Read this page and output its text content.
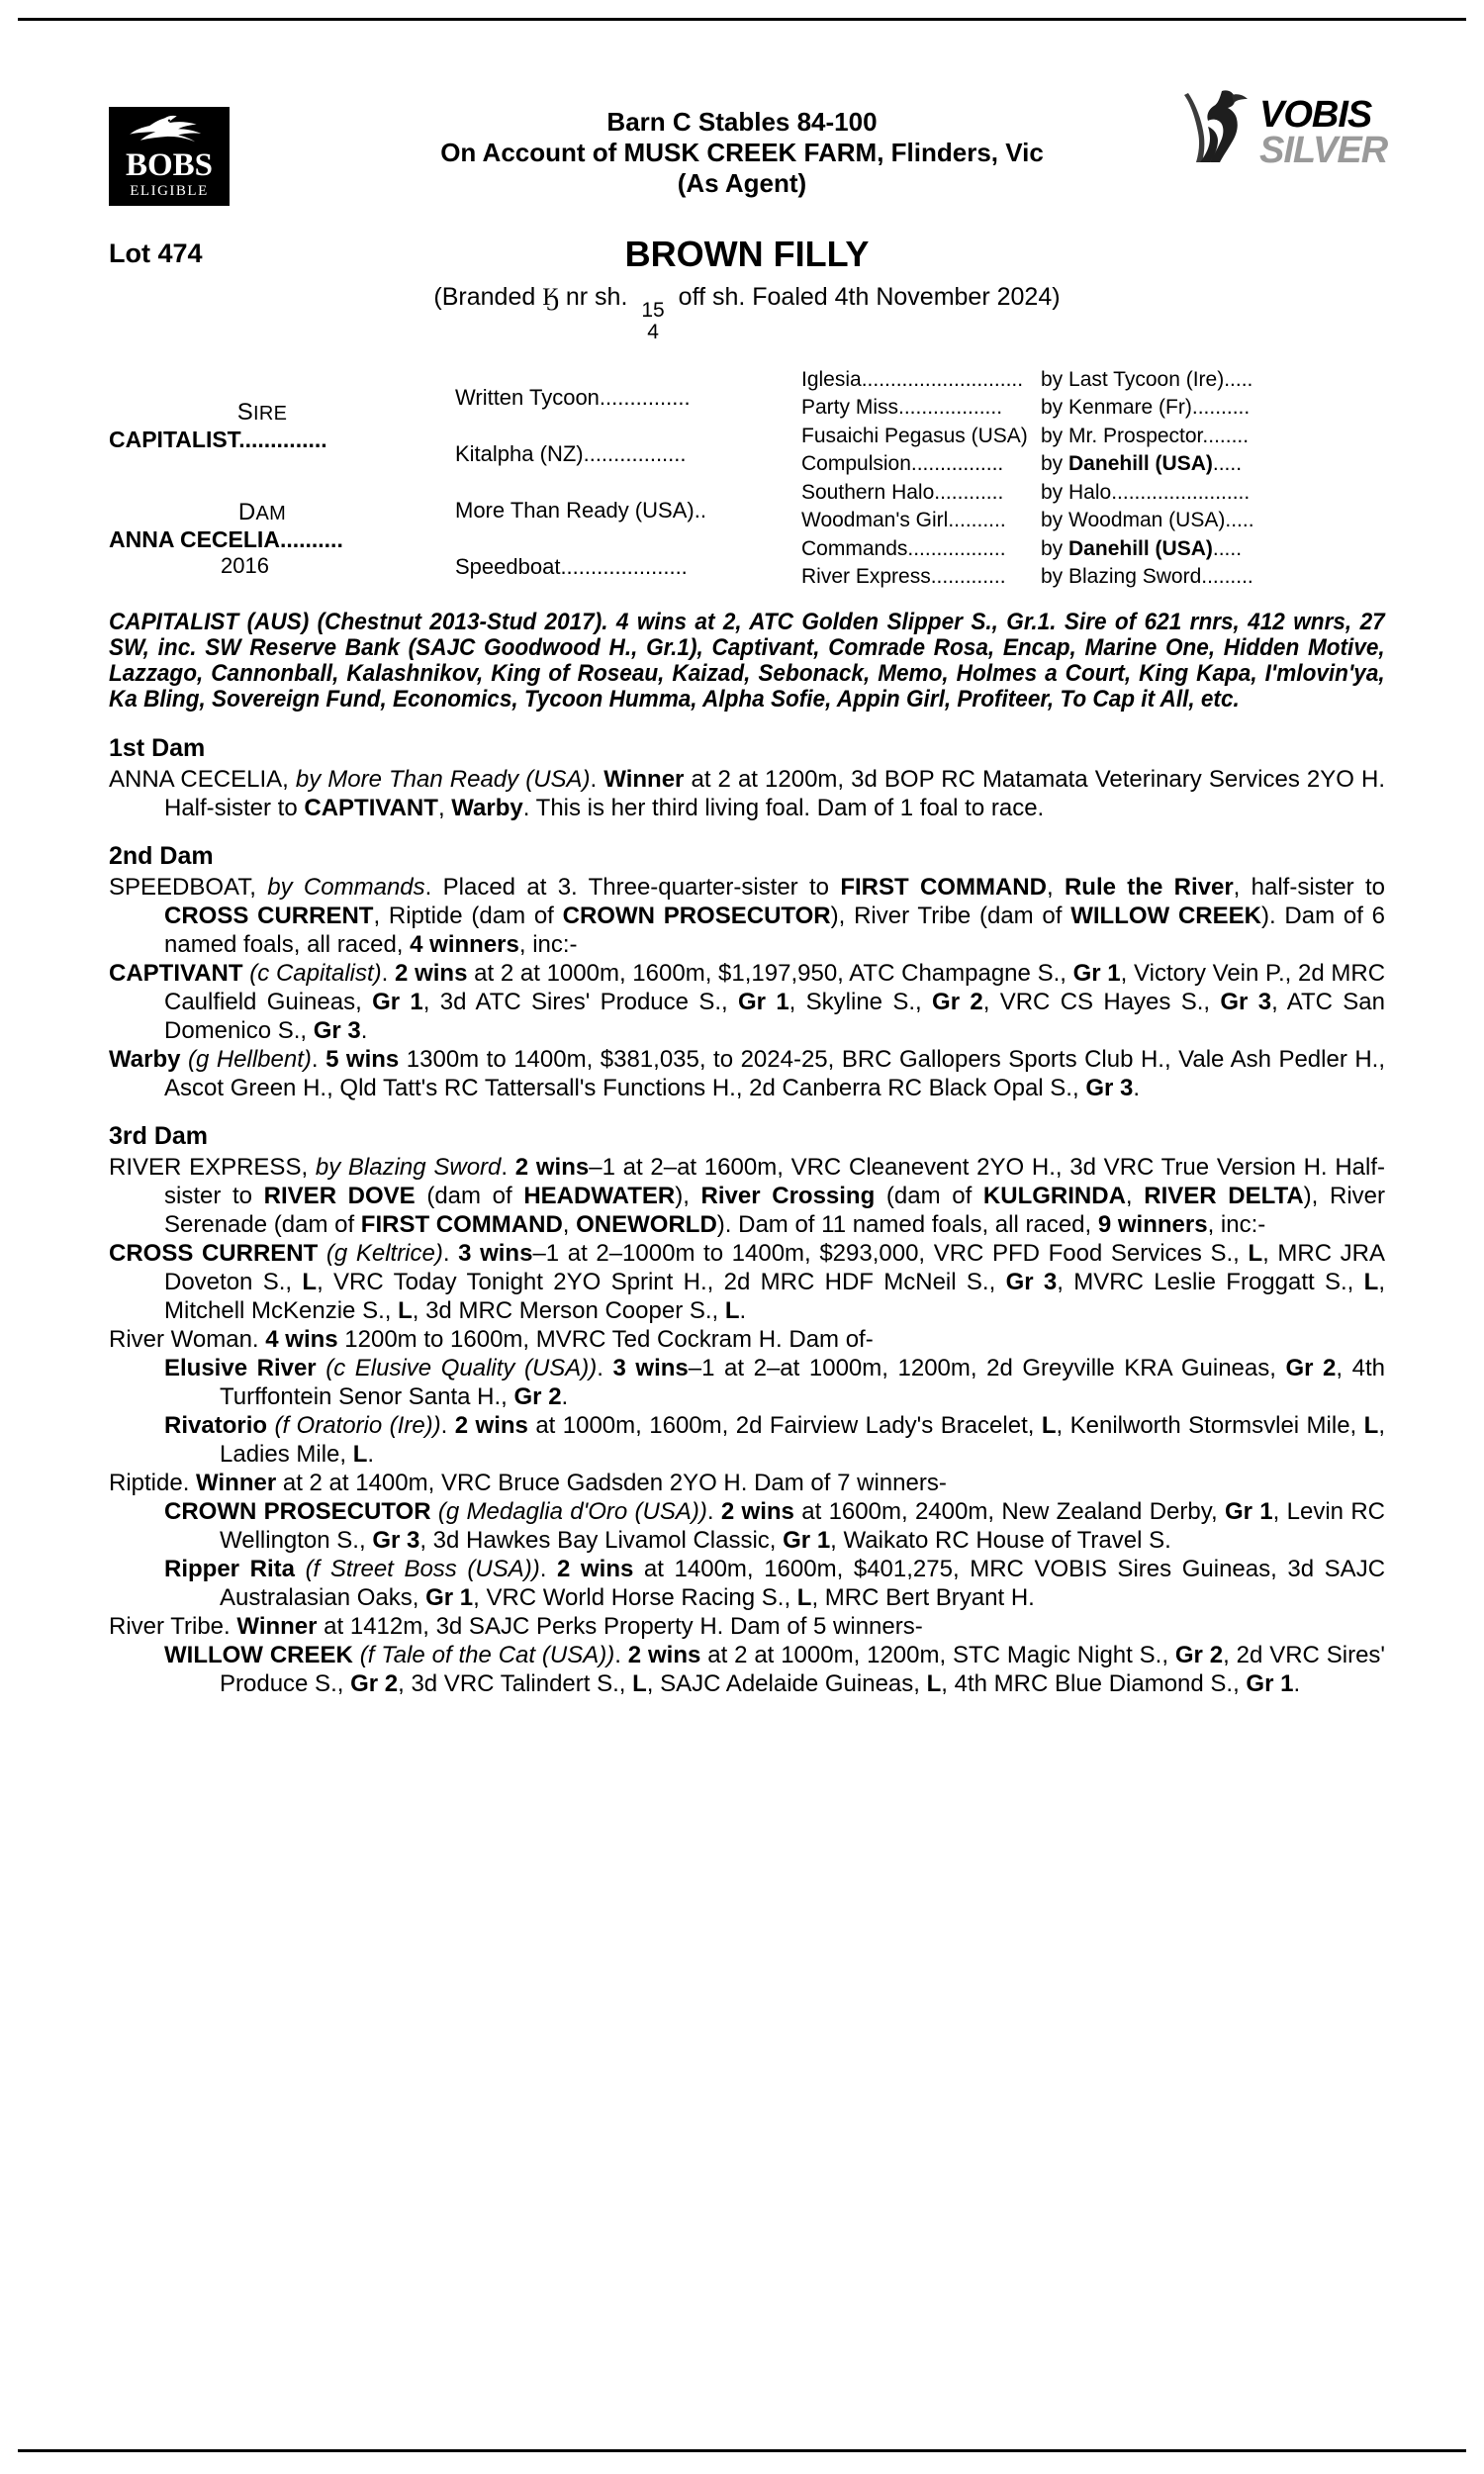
BOBS
ELIGIBLE
Barn C Stables 84-100
On Account of MUSK CREEK FARM, Flinders, Vic
(As Agent)
VOBIS
SILVER
Lot 474	BROWN FILLY
(Branded Ӄ nr sh. 15
4
off sh. Foaled 4th November 2024)
SIRE
CAPITALIST..............
DAM
ANNA CECELIA..........
2016
Written Tycoon ...............
Kitalpha (NZ) .................
More Than Ready (USA) ..
Speedboat .....................
Iglesia............................ by Last Tycoon (Ire).....
Party Miss..................	by Kenmare (Fr)..........
Fusaichi Pegasus (USA) by Mr. Prospector........
Compulsion................	by Danehill (USA).....
Southern Halo............	by Halo........................
Woodman's Girl..........	by Woodman (USA).....
Commands.................	by Danehill (USA).....
River Express.............	by Blazing Sword.........
CAPITALIST (AUS) (Chestnut 2013-Stud 2017). 4 wins at 2, ATC Golden Slipper S., Gr.1. Sire of 621 rnrs, 412 wnrs, 27 SW, inc. SW Reserve Bank (SAJC Goodwood H., Gr.1), Captivant, Comrade Rosa, Encap, Marine One, Hidden Motive, Lazzago, Cannonball, Kalashnikov, King of Roseau, Kaizad, Sebonack, Memo, Holmes a Court, King Kapa, I'mlovin'ya, Ka Bling, Sovereign Fund, Economics, Tycoon Humma, Alpha Sofie, Appin Girl, Profiteer, To Cap it All, etc.
1st Dam

ANNA CECELIA, by More Than Ready (USA). Winner at 2 at 1200m, 3d BOP RC Matamata Veterinary Services 2YO H. Half-sister to CAPTIVANT, Warby. This is her third living foal. Dam of 1 foal to race.

2nd Dam

SPEEDBOAT, by Commands. Placed at 3. Three-quarter-sister to FIRST COMMAND, Rule the River, half-sister to CROSS CURRENT, Riptide (dam of CROWN PROSECUTOR), River Tribe (dam of WILLOW CREEK). Dam of 6 named foals, all raced, 4 winners, inc:-

CAPTIVANT (c Capitalist). 2 wins at 2 at 1000m, 1600m, $1,197,950, ATC Champagne S., Gr 1, Victory Vein P., 2d MRC Caulfield Guineas, Gr 1, 3d ATC Sires' Produce S., Gr 1, Skyline S., Gr 2, VRC CS Hayes S., Gr 3, ATC San Domenico S., Gr 3.

Warby (g Hellbent). 5 wins 1300m to 1400m, $381,035, to 2024-25, BRC Gallopers Sports Club H., Vale Ash Pedler H., Ascot Green H., Qld Tatt's RC Tattersall's Functions H., 2d Canberra RC Black Opal S., Gr 3.

3rd Dam

RIVER EXPRESS, by Blazing Sword. 2 wins–1 at 2–at 1600m, VRC Cleanevent 2YO H., 3d VRC True Version H. Half-sister to RIVER DOVE (dam of HEADWATER), River Crossing (dam of KULGRINDA, RIVER DELTA), River Serenade (dam of FIRST COMMAND, ONEWORLD). Dam of 11 named foals, all raced, 9 winners, inc:-

CROSS CURRENT (g Keltrice). 3 wins–1 at 2–1000m to 1400m, $293,000, VRC PFD Food Services S., L, MRC JRA Doveton S., L, VRC Today Tonight 2YO Sprint H., 2d MRC HDF McNeil S., Gr 3, MVRC Leslie Froggatt S., L, Mitchell McKenzie S., L, 3d MRC Merson Cooper S., L.

River Woman. 4 wins 1200m to 1600m, MVRC Ted Cockram H. Dam of-

Elusive River (c Elusive Quality (USA)). 3 wins–1 at 2–at 1000m, 1200m, 2d Greyville KRA Guineas, Gr 2, 4th Turffontein Senor Santa H., Gr 2.

Rivatorio (f Oratorio (Ire)). 2 wins at 1000m, 1600m, 2d Fairview Lady's Bracelet, L, Kenilworth Stormsvlei Mile, L, Ladies Mile, L.

Riptide. Winner at 2 at 1400m, VRC Bruce Gadsden 2YO H. Dam of 7 winners-

CROWN PROSECUTOR (g Medaglia d'Oro (USA)). 2 wins at 1600m, 2400m, New Zealand Derby, Gr 1, Levin RC Wellington S., Gr 3, 3d Hawkes Bay Livamol Classic, Gr 1, Waikato RC House of Travel S.

Ripper Rita (f Street Boss (USA)). 2 wins at 1400m, 1600m, $401,275, MRC VOBIS Sires Guineas, 3d SAJC Australasian Oaks, Gr 1, VRC World Horse Racing S., L, MRC Bert Bryant H.

River Tribe. Winner at 1412m, 3d SAJC Perks Property H. Dam of 5 winners-

WILLOW CREEK (f Tale of the Cat (USA)). 2 wins at 2 at 1000m, 1200m, STC Magic Night S., Gr 2, 2d VRC Sires' Produce S., Gr 2, 3d VRC Talindert S., L, SAJC Adelaide Guineas, L, 4th MRC Blue Diamond S., Gr 1.
